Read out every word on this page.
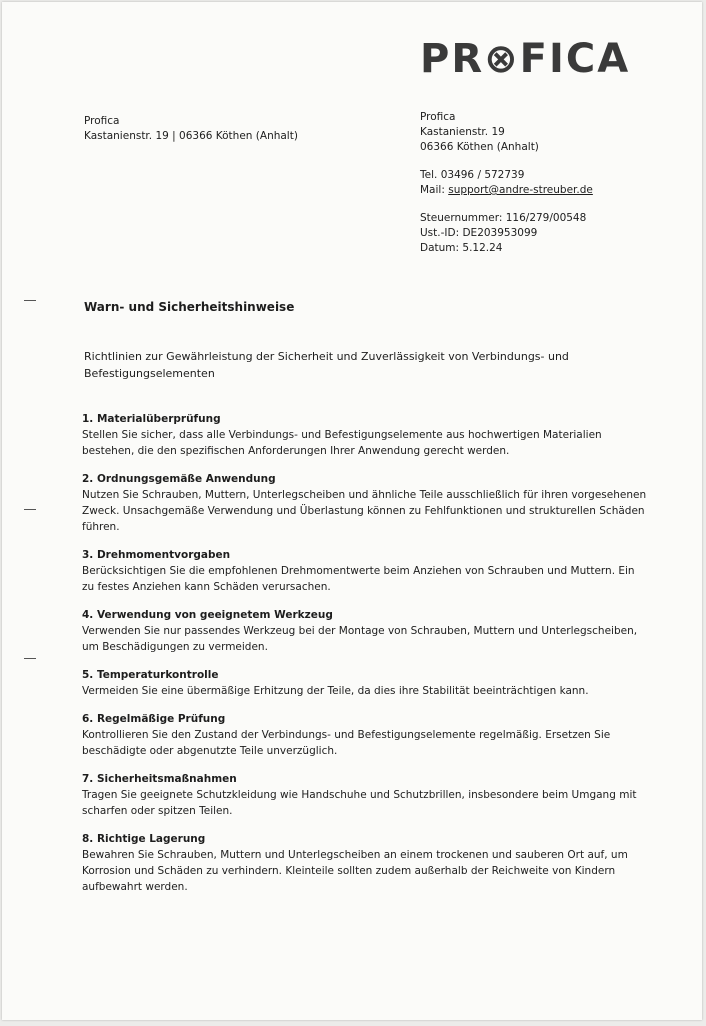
PR⊗FICA
Profica
Kastanienstr. 19 | 06366 Köthen (Anhalt)
Profica
Kastanienstr. 19
06366 Köthen (Anhalt)
Tel. 03496 / 572739
Mail: support@andre-streuber.de
Steuernummer: 116/279/00548
Ust.-ID: DE203953099
Datum: 5.12.24
Warn- und Sicherheitshinweise
Richtlinien zur Gewährleistung der Sicherheit und Zuverlässigkeit von Verbindungs- und Befestigungselementen
1. Materialüberprüfung
Stellen Sie sicher, dass alle Verbindungs- und Befestigungselemente aus hochwertigen Materialien bestehen, die den spezifischen Anforderungen Ihrer Anwendung gerecht werden.
2. Ordnungsgemäße Anwendung
Nutzen Sie Schrauben, Muttern, Unterlegscheiben und ähnliche Teile ausschließlich für ihren vorgesehenen Zweck. Unsachgemäße Verwendung und Überlastung können zu Fehlfunktionen und strukturellen Schäden führen.
3. Drehmomentvorgaben
Berücksichtigen Sie die empfohlenen Drehmomentwerte beim Anziehen von Schrauben und Muttern. Ein zu festes Anziehen kann Schäden verursachen.
4. Verwendung von geeignetem Werkzeug
Verwenden Sie nur passendes Werkzeug bei der Montage von Schrauben, Muttern und Unterlegscheiben, um Beschädigungen zu vermeiden.
5. Temperaturkontrolle
Vermeiden Sie eine übermäßige Erhitzung der Teile, da dies ihre Stabilität beeinträchtigen kann.
6. Regelmäßige Prüfung
Kontrollieren Sie den Zustand der Verbindungs- und Befestigungselemente regelmäßig. Ersetzen Sie beschädigte oder abgenutzte Teile unverzüglich.
7. Sicherheitsmaßnahmen
Tragen Sie geeignete Schutzkleidung wie Handschuhe und Schutzbrillen, insbesondere beim Umgang mit scharfen oder spitzen Teilen.
8. Richtige Lagerung
Bewahren Sie Schrauben, Muttern und Unterlegscheiben an einem trockenen und sauberen Ort auf, um Korrosion und Schäden zu verhindern. Kleinteile sollten zudem außerhalb der Reichweite von Kindern aufbewahrt werden.
